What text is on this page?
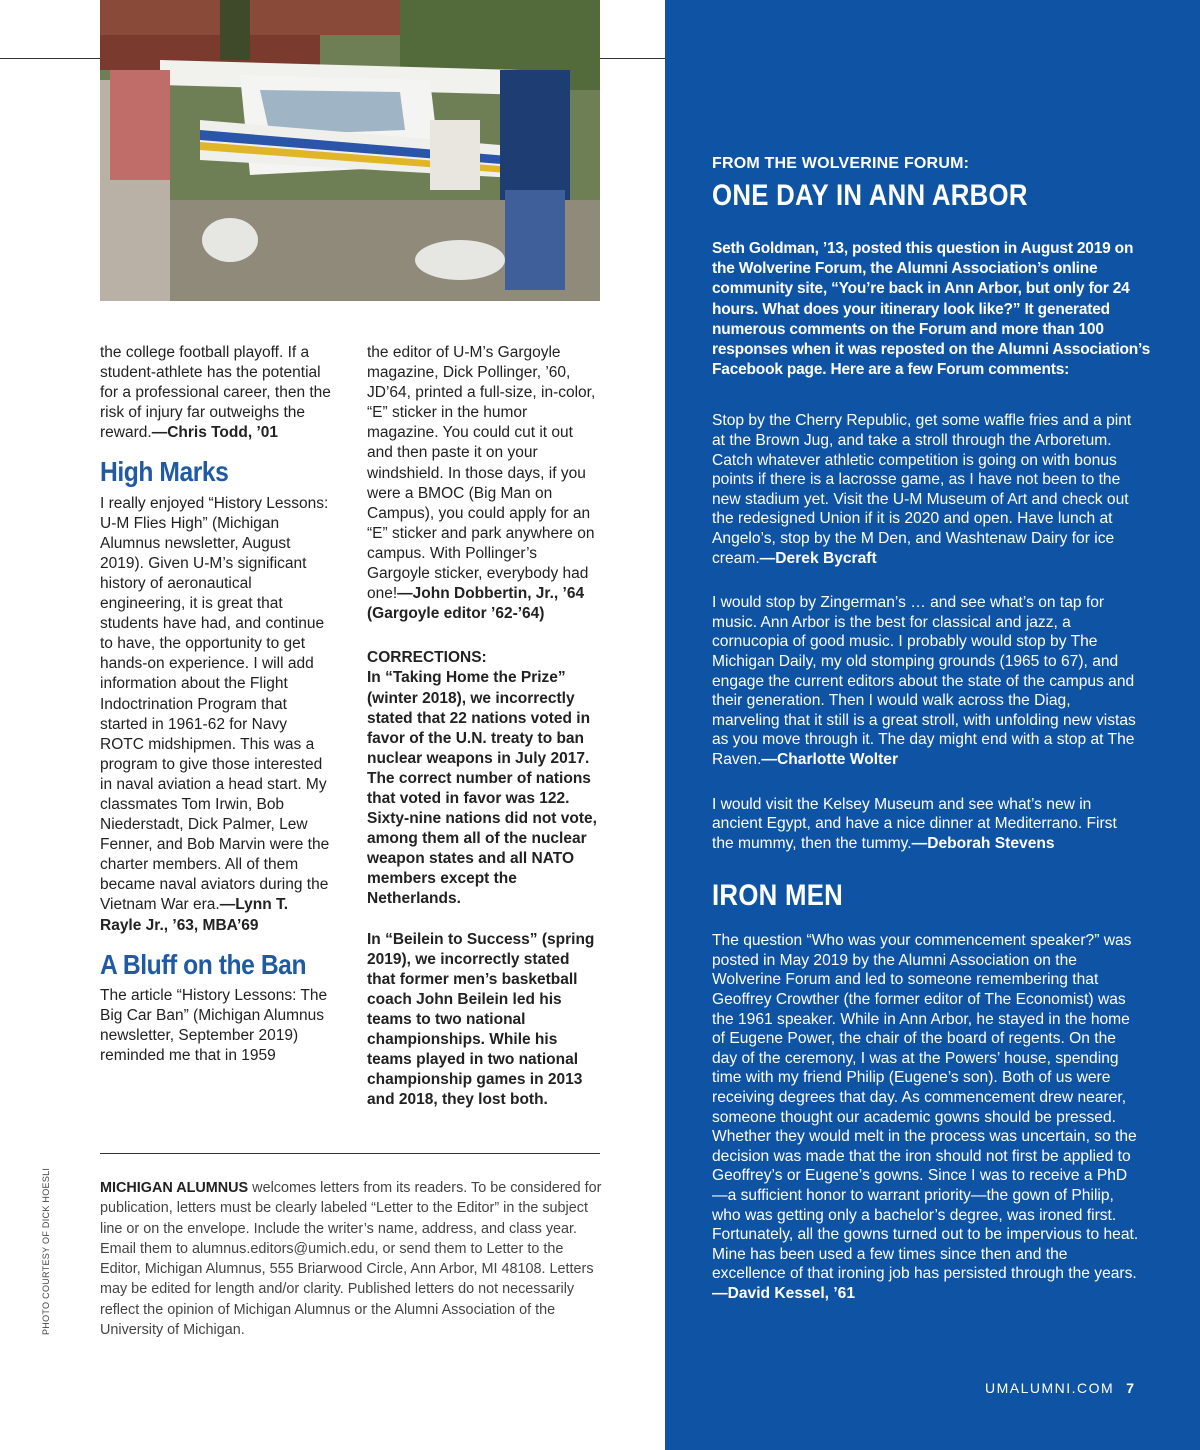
the college football playoff. If a student-athlete has the potential for a professional career, then the risk of injury far outweighs the reward.—Chris Todd, ’01

High Marks

I really enjoyed “History Lessons: U-M Flies High” (Michigan Alumnus newsletter, August 2019). Given U-M’s significant history of aeronautical engineering, it is great that students have had, and continue to have, the opportunity to get hands-on experience. I will add information about the Flight Indoctrination Program that started in 1961-62 for Navy ROTC midshipmen. This was a program to give those interested in naval aviation a head start. My classmates Tom Irwin, Bob Niederstadt, Dick Palmer, Lew Fenner, and Bob Marvin were the charter members. All of them became naval aviators during the Vietnam War era.—Lynn T. Rayle Jr., ’63, MBA’69

A Bluff on the Ban

The article “History Lessons: The Big Car Ban” (Michigan Alumnus newsletter, September 2019) reminded me that in 1959

the editor of U-M’s Gargoyle magazine, Dick Pollinger, ’60, JD’64, printed a full-size, in-color, “E” sticker in the humor magazine. You could cut it out and then paste it on your windshield. In those days, if you were a BMOC (Big Man on Campus), you could apply for an “E” sticker and park anywhere on campus. With Pollinger’s Gargoyle sticker, everybody had one!—John Dobbertin, Jr., ’64 (Gargoyle editor ’62-’64)

CORRECTIONS:

In “Taking Home the Prize” (winter 2018), we incorrectly stated that 22 nations voted in favor of the U.N. treaty to ban nuclear weapons in July 2017. The correct number of nations that voted in favor was 122. Sixty-nine nations did not vote, among them all of the nuclear weapon states and all NATO members except the Netherlands.

In “Beilein to Success” (spring 2019), we incorrectly stated that former men’s basketball coach John Beilein led his teams to two national championships. While his teams played in two national championship games in 2013 and 2018, they lost both.

MICHIGAN ALUMNUS welcomes letters from its readers. To be considered for publication, letters must be clearly labeled “Letter to the Editor” in the subject line or on the envelope. Include the writer’s name, address, and class year. Email them to alumnus.editors@umich.edu, or send them to Letter to the Editor, Michigan Alumnus, 555 Briarwood Circle, Ann Arbor, MI 48108. Letters may be edited for length and/or clarity. Published letters do not necessarily reflect the opinion of Michigan Alumnus or the Alumni Association of the University of Michigan.
PHOTO COURTESY OF DICK HOESLI

FROM THE WOLVERINE FORUM:

ONE DAY IN ANN ARBOR

Seth Goldman, ’13, posted this question in August 2019 on the Wolverine Forum, the Alumni Association’s online community site, “You’re back in Ann Arbor, but only for 24 hours. What does your itinerary look like?” It generated numerous comments on the Forum and more than 100 responses when it was reposted on the Alumni Association’s Facebook page. Here are a few Forum comments:

Stop by the Cherry Republic, get some waffle fries and a pint at the Brown Jug, and take a stroll through the Arboretum. Catch whatever athletic competition is going on with bonus points if there is a lacrosse game, as I have not been to the new stadium yet. Visit the U-M Museum of Art and check out the redesigned Union if it is 2020 and open. Have lunch at Angelo’s, stop by the M Den, and Washtenaw Dairy for ice cream.—Derek Bycraft

I would stop by Zingerman’s … and see what’s on tap for music. Ann Arbor is the best for classical and jazz, a cornucopia of good music. I probably would stop by The Michigan Daily, my old stomping grounds (1965 to 67), and engage the current editors about the state of the campus and their generation. Then I would walk across the Diag, marveling that it still is a great stroll, with unfolding new vistas as you move through it. The day might end with a stop at The Raven.—Charlotte Wolter

I would visit the Kelsey Museum and see what’s new in ancient Egypt, and have a nice dinner at Mediterrano. First the mummy, then the tummy.—Deborah Stevens

IRON MEN

The question “Who was your commencement speaker?” was posted in May 2019 by the Alumni Association on the Wolverine Forum and led to someone remembering that Geoffrey Crowther (the former editor of The Economist) was the 1961 speaker. While in Ann Arbor, he stayed in the home of Eugene Power, the chair of the board of regents. On the day of the ceremony, I was at the Powers’ house, spending time with my friend Philip (Eugene’s son). Both of us were receiving degrees that day. As commencement drew nearer, someone thought our academic gowns should be pressed. Whether they would melt in the process was uncertain, so the decision was made that the iron should not first be applied to Geoffrey’s or Eugene’s gowns. Since I was to receive a PhD—a sufficient honor to warrant priority—the gown of Philip, who was getting only a bachelor’s degree, was ironed first. Fortunately, all the gowns turned out to be impervious to heat. Mine has been used a few times since then and the excellence of that ironing job has persisted through the years.
—David Kessel, ’61

UMALUMNI.COM 7
